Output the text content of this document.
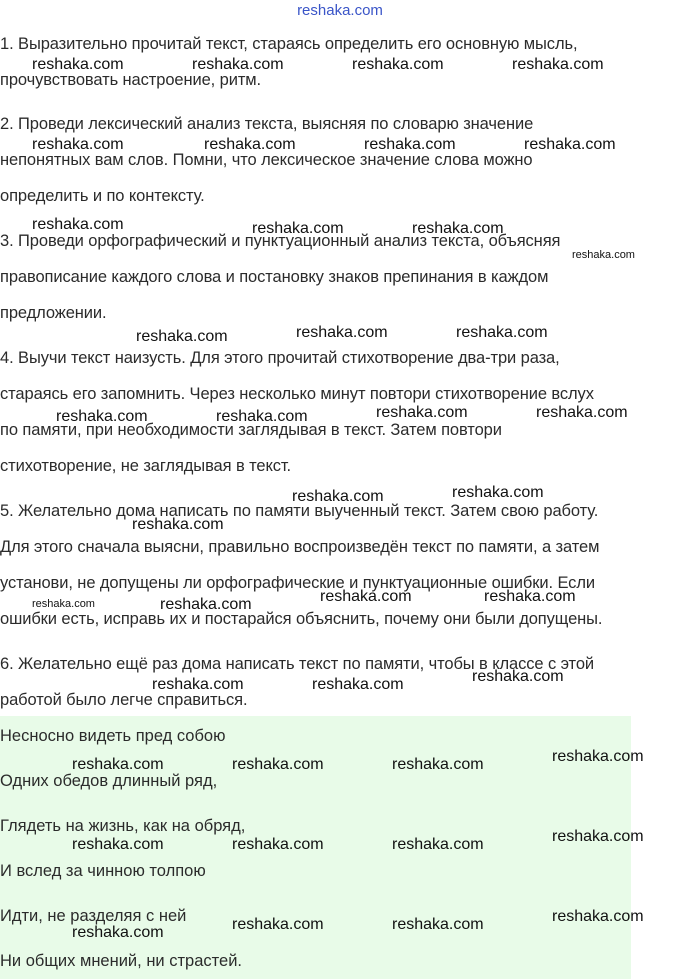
reshaka.com
1. Выразительно прочитай текст, стараясь определить его основную мысль,
прочувствовать настроение, ритм.
2. Проведи лексический анализ текста, выясняя по словарю значение
непонятных вам слов. Помни, что лексическое значение слова можно
определить и по контексту.
3. Проведи орфографический и пунктуационный анализ текста, объясняя
правописание каждого слова и постановку знаков препинания в каждом
предложении.
4. Выучи текст наизусть. Для этого прочитай стихотворение два-три раза,
стараясь его запомнить. Через несколько минут повтори стихотворение вслух
по памяти, при необходимости заглядывая в текст. Затем повтори
стихотворение, не заглядывая в текст.
5. Желательно дома написать по памяти выученный текст. Затем свою работу.
Для этого сначала выясни, правильно воспроизведён текст по памяти, а затем
установи, не допущены ли орфографические и пунктуационные ошибки. Если
ошибки есть, исправь их и постарайся объяснить, почему они были допущены.
6. Желательно ещё раз дома написать текст по памяти, чтобы в классе с этой
работой было легче справиться.
Несносно видеть пред собою
Одних обедов длинный ряд,
Глядеть на жизнь, как на обряд,
И вслед за чинною толпою
Идти, не разделяя с ней
Ни общих мнений, ни страстей.
reshaka.com	reshaka.com	reshaka.com	reshaka.com
reshaka.com	reshaka.com	reshaka.com	reshaka.com
reshaka.com	reshaka.com	reshaka.com
reshaka.com
reshaka.com	reshaka.com	reshaka.com
reshaka.com	reshaka.com	reshaka.com	reshaka.com
reshaka.com	reshaka.com
reshaka.com
reshaka.com	reshaka.com	reshaka.com	reshaka.com
reshaka.com	reshaka.com	reshaka.com
reshaka.com	reshaka.com	reshaka.com	reshaka.com
reshaka.com	reshaka.com	reshaka.com	reshaka.com
reshaka.com	reshaka.com	reshaka.com	reshaka.com
